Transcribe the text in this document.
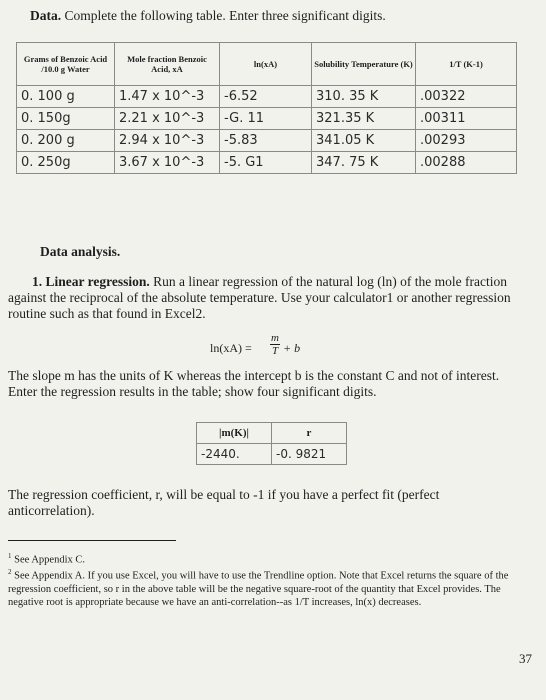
Data. Complete the following table. Enter three significant digits.
Grams of Benzoic Acid /10.0 g Water	Mole fraction Benzoic Acid, xA	ln(xA)	Solubility Temperature (K)	1/T (K-1)
0. 100 g	1.47 x 10^-3	-6.52	310. 35 K	.00322
0. 150g	2.21 x 10^-3	-G. 11	321.35 K	.00311
0. 200 g	2.94 x 10^-3	-5.83	341.05 K	.00293
0. 250g	3.67 x 10^-3	-5. G1	347. 75 K	.00288
Data analysis.
1. Linear regression. Run a linear regression of the natural log (ln) of the mole fraction against the reciprocal of the absolute temperature. Use your calculator1 or another regression routine such as that found in Excel2.
ln(xA) =
m
T + b
The slope m has the units of K whereas the intercept b is the constant C and not of interest. Enter the regression results in the table; show four significant digits.
|m(K)|	r
-2440.	-0. 9821
The regression coefficient, r, will be equal to -1 if you have a perfect fit (perfect anticorrelation).
$^1$ See Appendix C.
$^2$ See Appendix A. If you use Excel, you will have to use the Trendline option. Note that Excel returns the square of the regression coefficient, so r in the above table will be the negative square-root of the quantity that Excel provides. The negative root is appropriate because we have an anti-correlation--as 1/T increases, ln(x) decreases.
37
